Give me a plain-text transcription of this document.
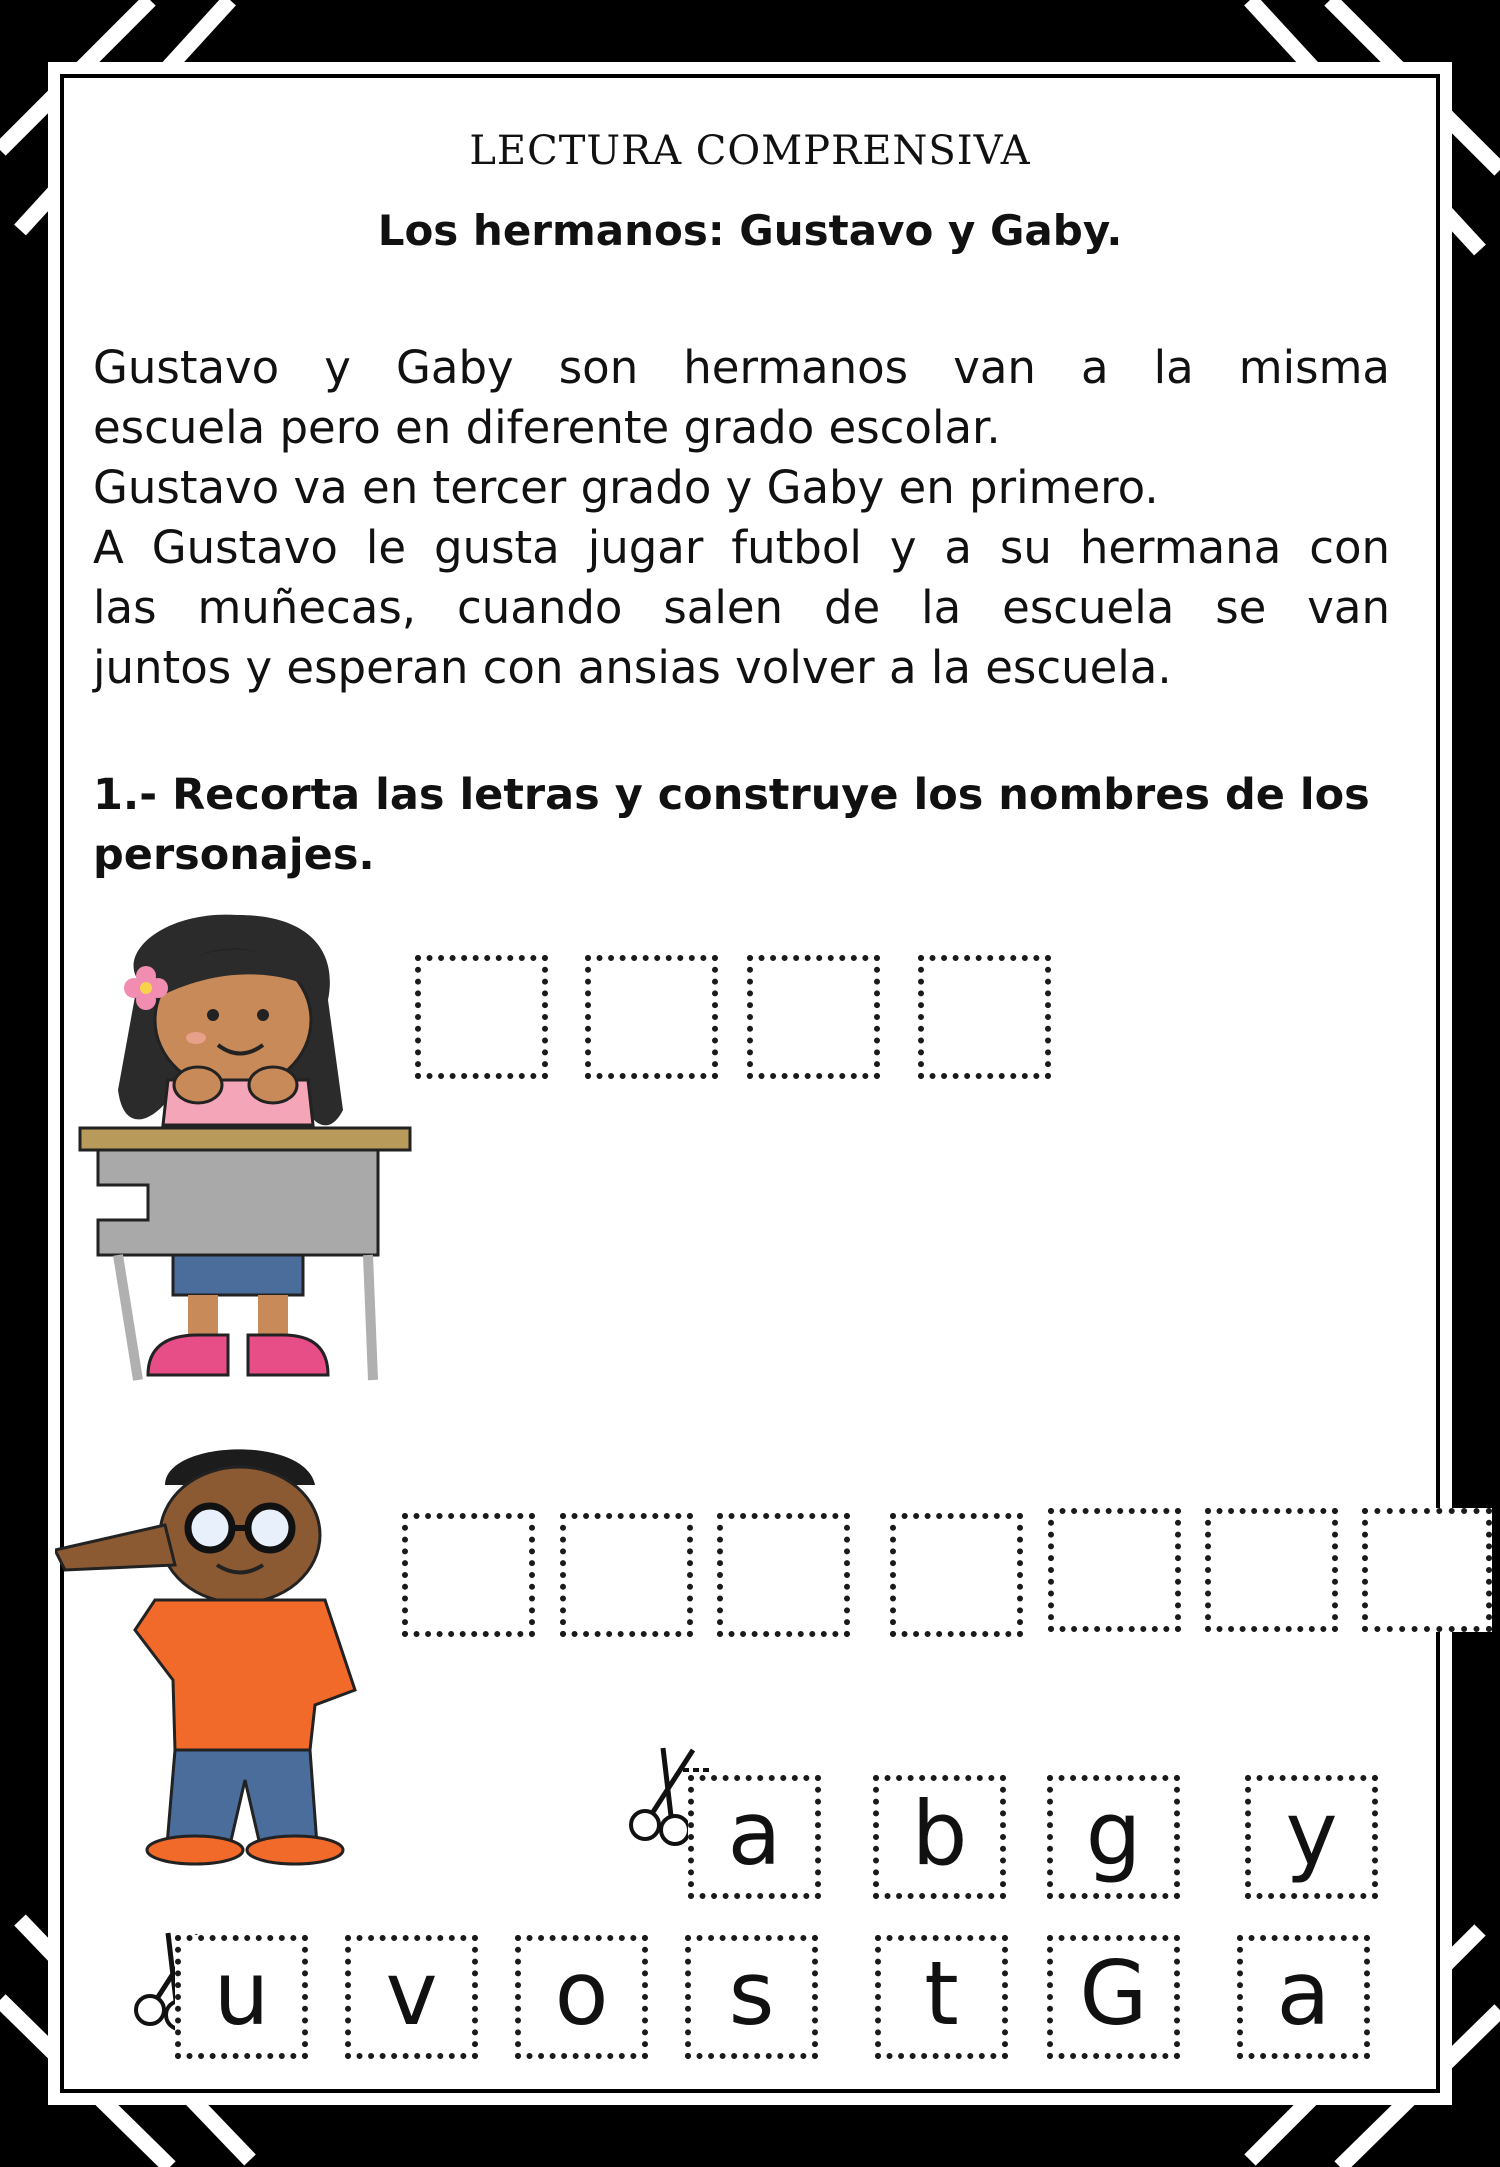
LECTURA COMPRENSIVA
Los hermanos: Gustavo y Gaby.

Gustavo y Gaby son hermanos van a la misma

escuela pero en diferente grado escolar.

Gustavo va en tercer grado y Gaby en primero.

A Gustavo le gusta jugar futbol y a su hermana con

las muñecas, cuando salen de la escuela se van

juntos y esperan con ansias volver a la escuela.

1.- Recorta las letras y construye los nombres de los personajes.
a	b	g	y
u	v	o	s	t	G	a
